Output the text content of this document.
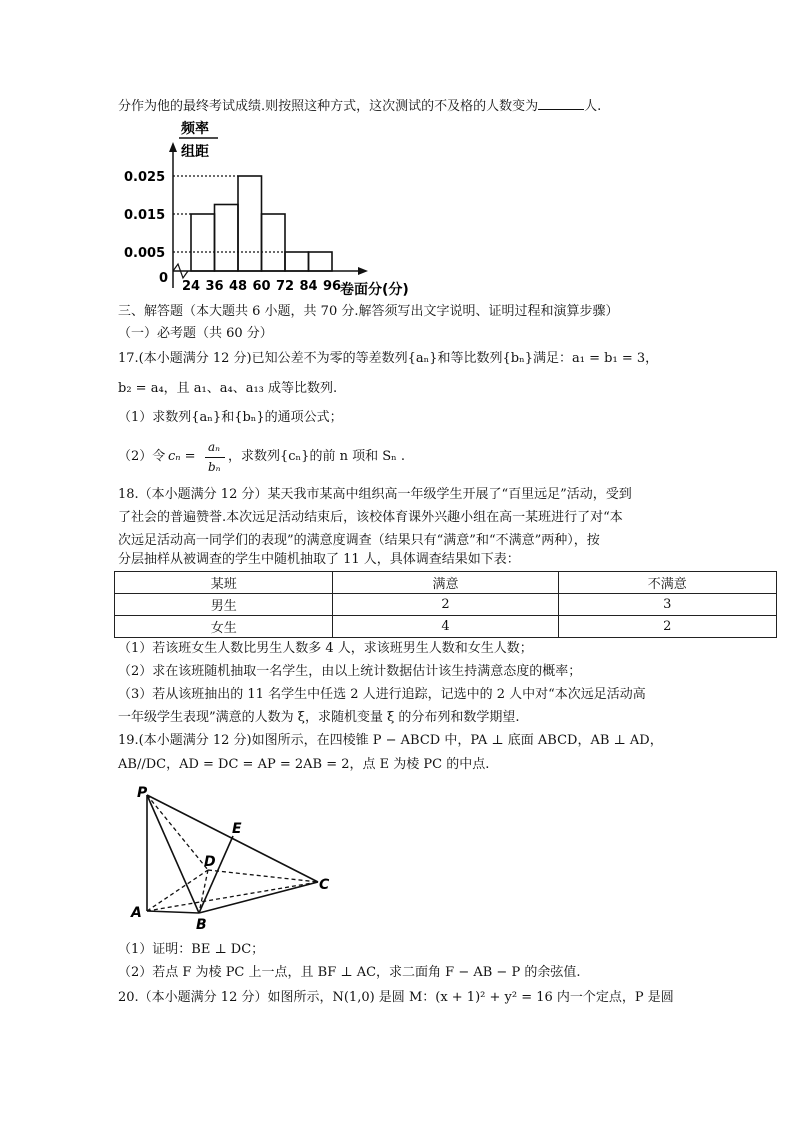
分作为他的最终考试成绩.则按照这种方式，这次测试的不及格的人数变为	人.
频率
组距
0
0.025
0.015
0.005
24 36 48 60 72 84 96
卷面分(分)
三、解答题（本大题共 6 小题，共 70 分.解答须写出文字说明、证明过程和演算步骤）
（一）必考题（共 60 分）
17.(本小题满分 12 分)已知公差不为零的等差数列{aₙ}和等比数列{bₙ}满足：a₁ = b₁ = 3，
b₂ = a₄，且 a₁、a₄、a₁₃ 成等比数列.
（1）求数列{aₙ}和{bₙ}的通项公式；
（2）令 cₙ =
aₙ
bₙ
，求数列{cₙ}的前 n 项和 Sₙ .
18.（本小题满分 12 分）某天我市某高中组织高一年级学生开展了“百里远足”活动，受到
了社会的普遍赞誉.本次远足活动结束后，该校体育课外兴趣小组在高一某班进行了对“本
次远足活动高一同学们的表现”的满意度调查（结果只有“满意”和“不满意”两种），按
分层抽样从被调查的学生中随机抽取了 11 人，具体调查结果如下表：
某班	满意	不满意
男生	2	3
女生	4	2
（1）若该班女生人数比男生人数多 4 人，求该班男生人数和女生人数；
（2）求在该班随机抽取一名学生，由以上统计数据估计该生持满意态度的概率；
（3）若从该班抽出的 11 名学生中任选 2 人进行追踪，记选中的 2 人中对“本次远足活动高
一年级学生表现”满意的人数为 ξ，求随机变量 ξ 的分布列和数学期望.
19.(本小题满分 12 分)如图所示，在四棱锥 P − ABCD 中，PA ⊥ 底面 ABCD，AB ⊥ AD，
AB//DC，AD = DC = AP = 2AB = 2，点 E 为棱 PC 的中点.
P
E
D
C
A
B
（1）证明：BE ⊥ DC；
（2）若点 F 为棱 PC 上一点，且 BF ⊥ AC，求二面角 F − AB − P 的余弦值.
20.（本小题满分 12 分）如图所示，N(1,0) 是圆 M：(x + 1)² + y² = 16 内一个定点，P 是圆
